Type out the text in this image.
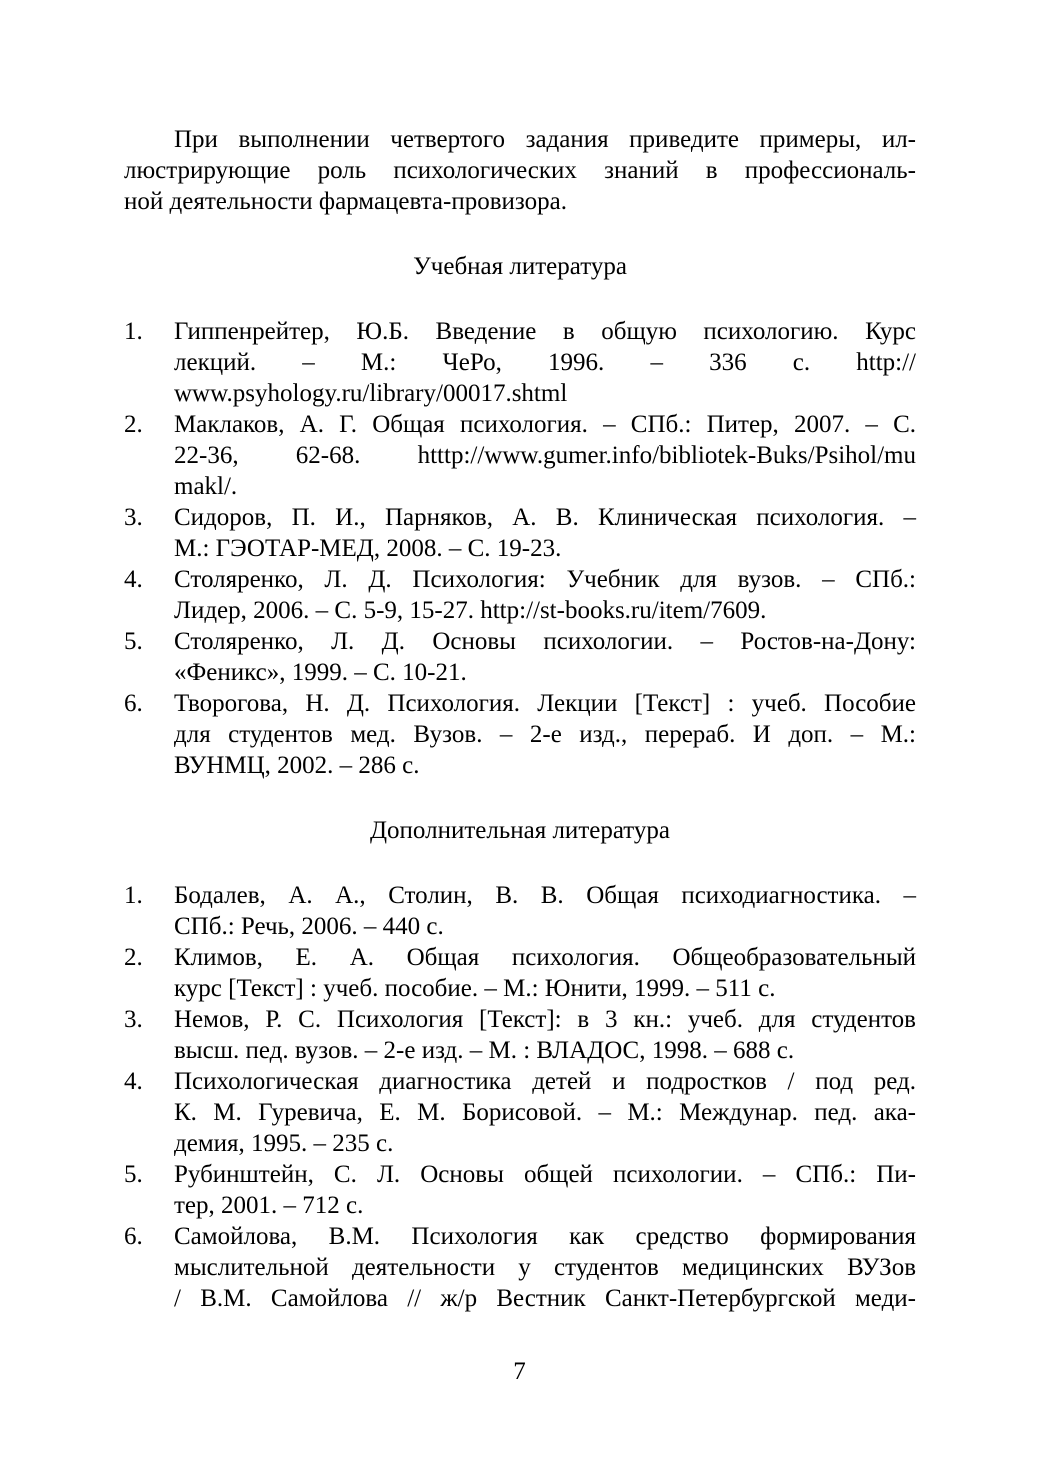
При выполнении четвертого задания приведите примеры, ил-
люстрирующие роль психологических знаний в профессиональ-
ной деятельности фармацевта-провизора.
Учебная литература
1. Гиппенрейтер, Ю.Б. Введение в общую психологию. Курс
лекций. – М.: ЧеРо, 1996. – 336 с. http://
www.psyhology.ru/library/00017.shtml
2. Маклаков, А. Г. Общая психология. – СПб.: Питер, 2007. – С.
22-36, 62-68. htttp://www.gumer.info/bibliotek-Buks/Psihol/mu
makl/.
3. Сидоров, П. И., Парняков, А. В. Клиническая психология. –
М.: ГЭОТАР-МЕД, 2008. – С. 19-23.
4. Столяренко, Л. Д. Психология: Учебник для вузов. – СПб.:
Лидер, 2006. – С. 5-9, 15-27. http://st-books.ru/item/7609.
5. Столяренко, Л. Д. Основы психологии. – Ростов-на-Дону:
«Феникс», 1999. – С. 10-21.
6. Творогова, Н. Д. Психология. Лекции [Текст] : учеб. Пособие
для студентов мед. Вузов. – 2-е изд., перераб. И доп. – М.:
ВУНМЦ, 2002. – 286 с.
Дополнительная литература
1. Бодалев, А. А., Столин, В. В. Общая психодиагностика. –
СПб.: Речь, 2006. – 440 с.
2. Климов, Е. А. Общая психология. Общеобразовательный
курс [Текст] : учеб. пособие. – М.: Юнити, 1999. – 511 с.
3. Немов, Р. С. Психология [Текст]: в 3 кн.: учеб. для студентов
высш. пед. вузов. – 2-е изд. – М. : ВЛАДОС, 1998. – 688 с.
4. Психологическая диагностика детей и подростков / под ред.
К. М. Гуревича, Е. М. Борисовой. – М.: Междунар. пед. ака-
демия, 1995. – 235 с.
5. Рубинштейн, С. Л. Основы общей психологии. – СПб.: Пи-
тер, 2001. – 712 с.
6. Самойлова, В.М. Психология как средство формирования
мыслительной деятельности у студентов медицинских ВУЗов
/ В.М. Самойлова // ж/р Вестник Санкт-Петербургской меди-
7
